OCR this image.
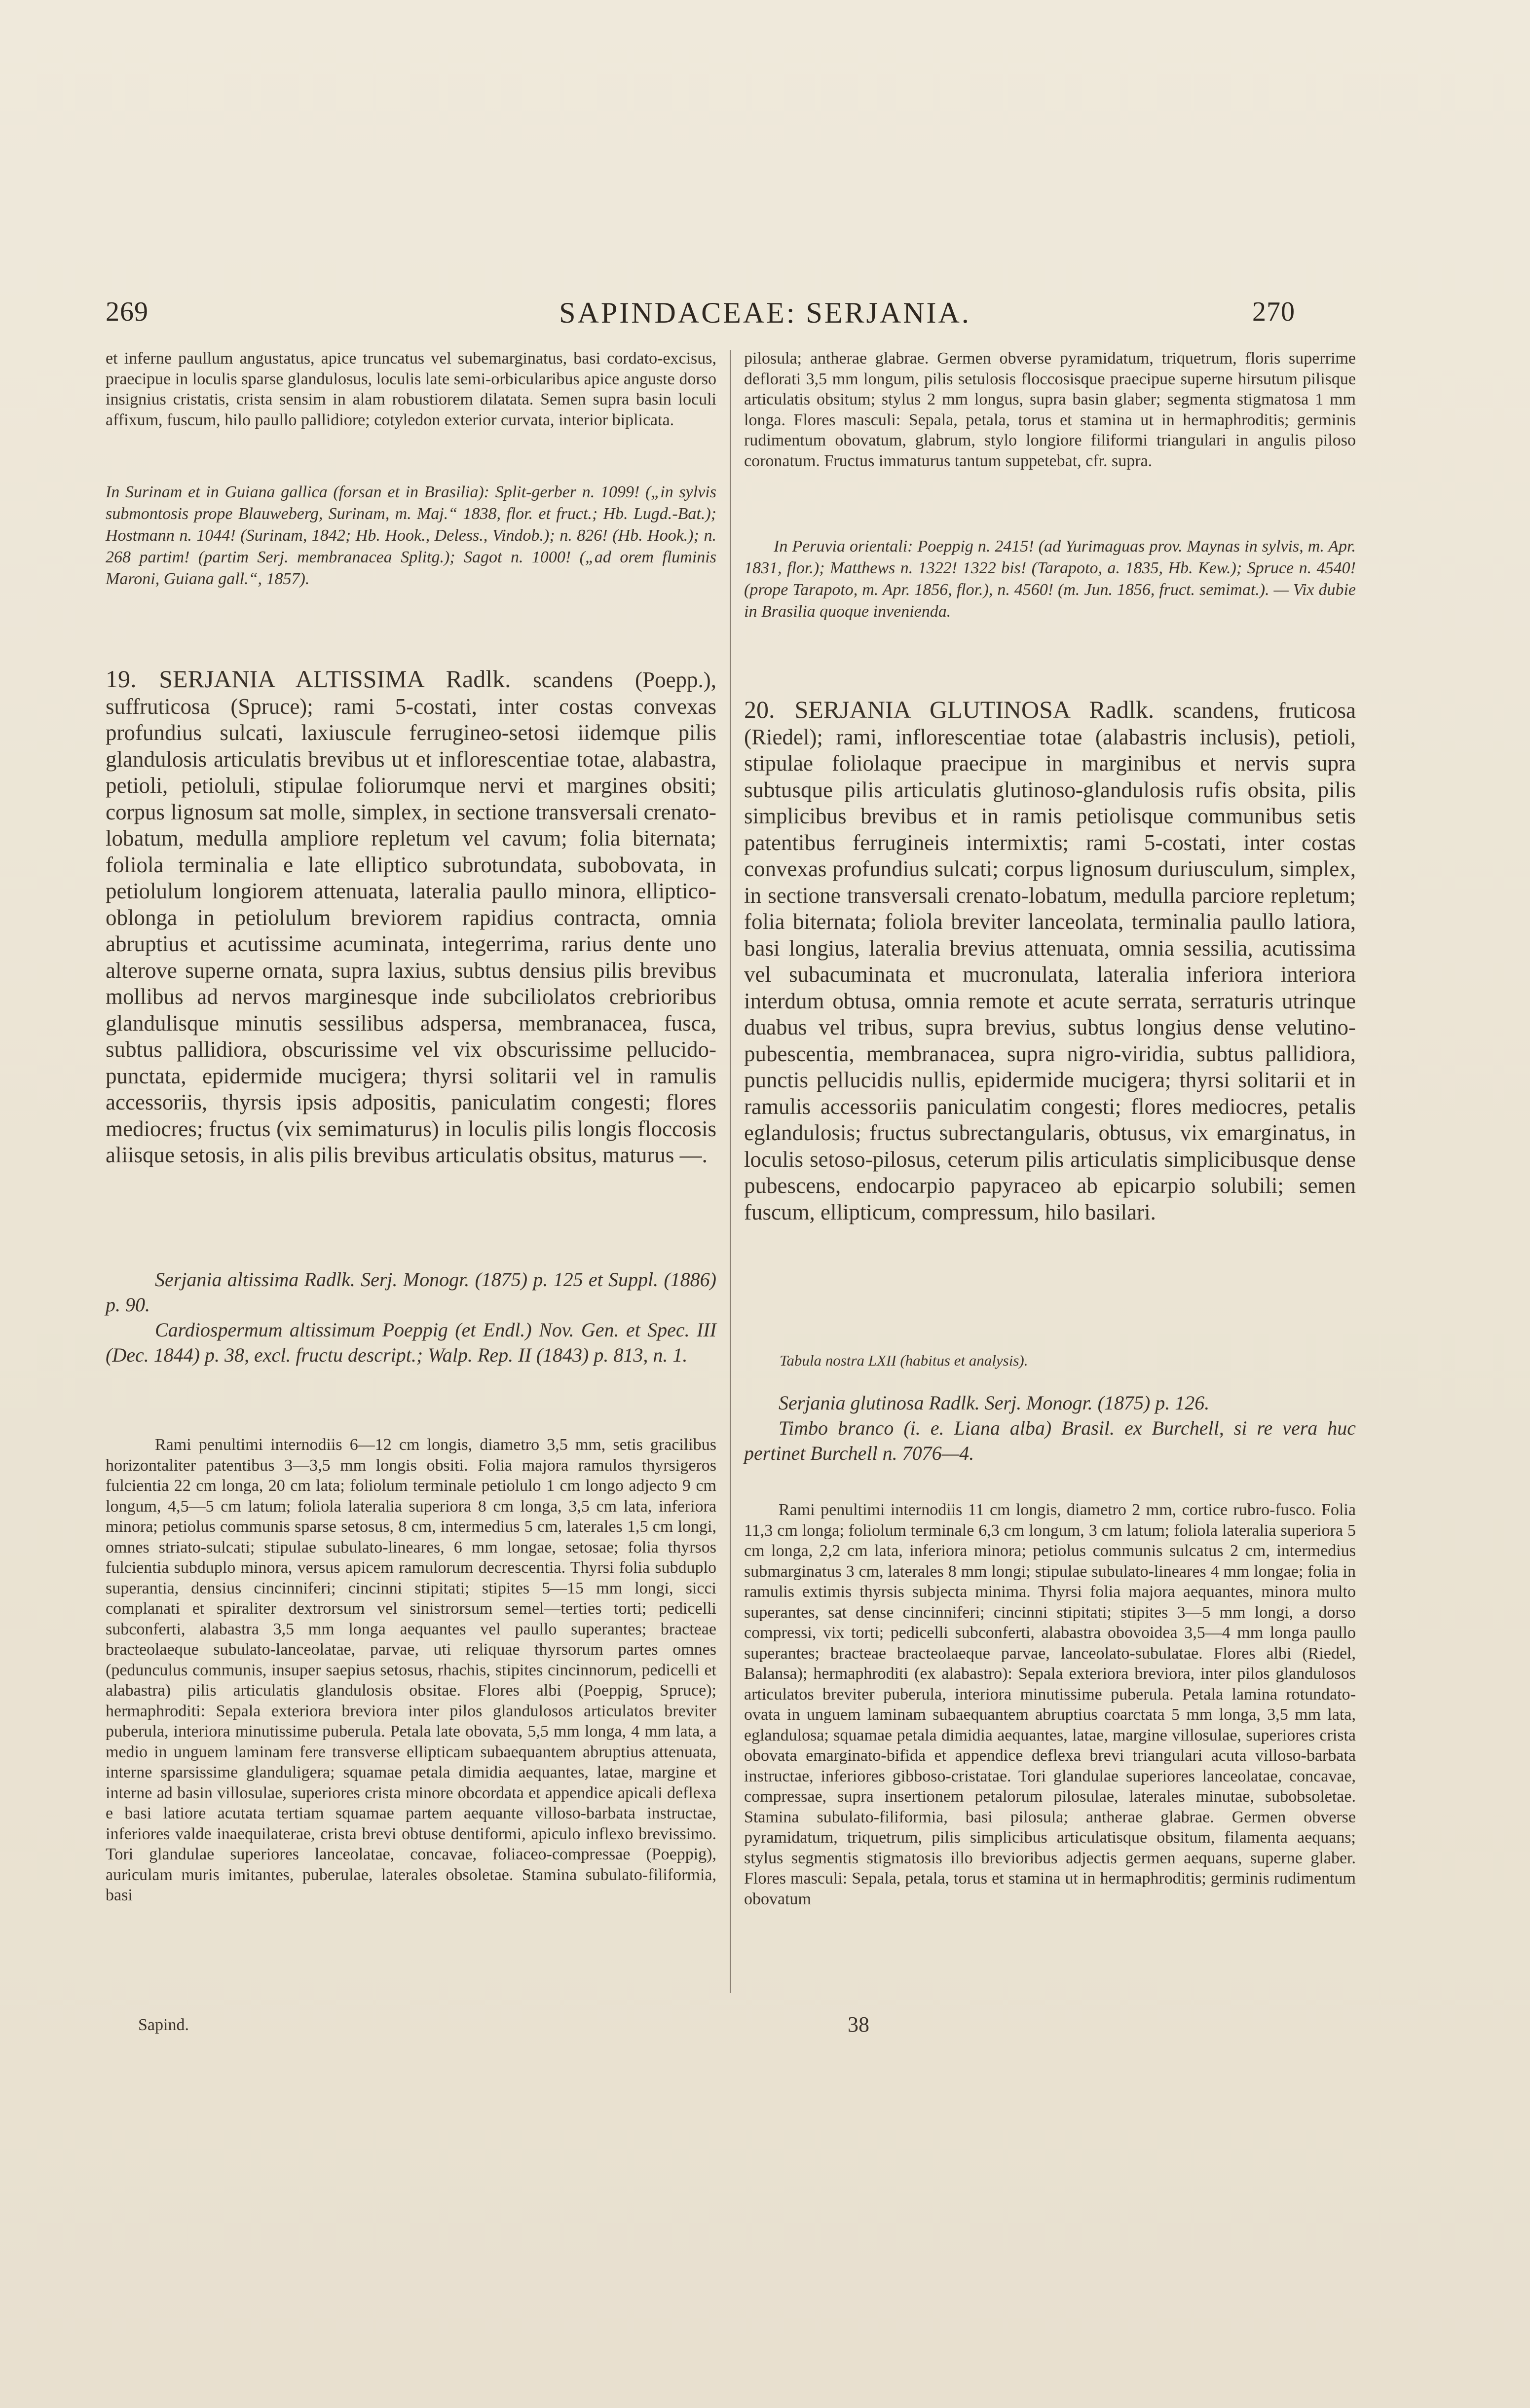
269	SAPINDACEAE: SERJANIA.	270

et inferne paullum angustatus, apice truncatus vel subemarginatus, basi cordato-excisus, praecipue in loculis sparse glandulosus, loculis late semi-orbicularibus apice anguste dorso insignius cristatis, crista sensim in alam robustiorem dilatata. Semen supra basin loculi affixum, fuscum, hilo paullo pallidiore; cotyledon exterior curvata, interior biplicata.

In Surinam et in Guiana gallica (forsan et in Brasilia): Split-gerber n. 1099! („in sylvis submontosis prope Blauweberg, Surinam, m. Maj.“ 1838, flor. et fruct.; Hb. Lugd.-Bat.); Hostmann n. 1044! (Surinam, 1842; Hb. Hook., Deless., Vindob.); n. 826! (Hb. Hook.); n. 268 partim! (partim Serj. membranacea Splitg.); Sagot n. 1000! („ad orem fluminis Maroni, Guiana gall.“, 1857).

19. SERJANIA ALTISSIMA Radlk. scandens (Poepp.), suffruticosa (Spruce); rami 5-costati, inter costas convexas profundius sulcati, laxiuscule ferrugineo-setosi iidemque pilis glandulosis articulatis brevibus ut et inflorescentiae totae, alabastra, petioli, petioluli, stipulae foliorumque nervi et margines obsiti; corpus lignosum sat molle, simplex, in sectione transversali crenato-lobatum, medulla ampliore repletum vel cavum; folia biternata; foliola terminalia e late elliptico subrotundata, subobovata, in petiolulum longiorem attenuata, lateralia paullo minora, elliptico-oblonga in petiolulum breviorem rapidius contracta, omnia abruptius et acutissime acuminata, integerrima, rarius dente uno alterove superne ornata, supra laxius, subtus densius pilis brevibus mollibus ad nervos marginesque inde subciliolatos crebrioribus glandulisque minutis sessilibus adspersa, membranacea, fusca, subtus pallidiora, obscurissime vel vix obscurissime pellucido-punctata, epidermide mucigera; thyrsi solitarii vel in ramulis accessoriis, thyrsis ipsis adpositis, paniculatim congesti; flores mediocres; fructus (vix semimaturus) in loculis pilis longis floccosis aliisque setosis, in alis pilis brevibus articulatis obsitus, maturus —.

Serjania altissima Radlk. Serj. Monogr. (1875) p. 125 et Suppl. (1886) p. 90.

Cardiospermum altissimum Poeppig (et Endl.) Nov. Gen. et Spec. III (Dec. 1844) p. 38, excl. fructu descript.; Walp. Rep. II (1843) p. 813, n. 1.

Rami penultimi internodiis 6—12 cm longis, diametro 3,5 mm, setis gracilibus horizontaliter patentibus 3—3,5 mm longis obsiti. Folia majora ramulos thyrsigeros fulcientia 22 cm longa, 20 cm lata; foliolum terminale petiolulo 1 cm longo adjecto 9 cm longum, 4,5—5 cm latum; foliola lateralia superiora 8 cm longa, 3,5 cm lata, inferiora minora; petiolus communis sparse setosus, 8 cm, intermedius 5 cm, laterales 1,5 cm longi, omnes striato-sulcati; stipulae subulato-lineares, 6 mm longae, setosae; folia thyrsos fulcientia subduplo minora, versus apicem ramulorum decrescentia. Thyrsi folia subduplo superantia, densius cincinniferi; cincinni stipitati; stipites 5—15 mm longi, sicci complanati et spiraliter dextrorsum vel sinistrorsum semel—terties torti; pedicelli subconferti, alabastra 3,5 mm longa aequantes vel paullo superantes; bracteae bracteolaeque subulato-lanceolatae, parvae, uti reliquae thyrsorum partes omnes (pedunculus communis, insuper saepius setosus, rhachis, stipites cincinnorum, pedicelli et alabastra) pilis articulatis glandulosis obsitae. Flores albi (Poeppig, Spruce); hermaphroditi: Sepala exteriora breviora inter pilos glandulosos articulatos breviter puberula, interiora minutissime puberula. Petala late obovata, 5,5 mm longa, 4 mm lata, a medio in unguem laminam fere transverse ellipticam subaequantem abruptius attenuata, interne sparsissime glanduligera; squamae petala dimidia aequantes, latae, margine et interne ad basin villosulae, superiores crista minore obcordata et appendice apicali deflexa e basi latiore acutata tertiam squamae partem aequante villoso-barbata instructae, inferiores valde inaequilaterae, crista brevi obtuse dentiformi, apiculo inflexo brevissimo. Tori glandulae superiores lanceolatae, concavae, foliaceo-compressae (Poeppig), auriculam muris imitantes, puberulae, laterales obsoletae. Stamina subulato-filiformia, basi

Sapind.

pilosula; antherae glabrae. Germen obverse pyramidatum, triquetrum, floris superrime deflorati 3,5 mm longum, pilis setulosis floccosisque praecipue superne hirsutum pilisque articulatis obsitum; stylus 2 mm longus, supra basin glaber; segmenta stigmatosa 1 mm longa. Flores masculi: Sepala, petala, torus et stamina ut in hermaphroditis; germinis rudimentum obovatum, glabrum, stylo longiore filiformi triangulari in angulis piloso coronatum. Fructus immaturus tantum suppetebat, cfr. supra.

In Peruvia orientali: Poeppig n. 2415! (ad Yurimaguas prov. Maynas in sylvis, m. Apr. 1831, flor.); Matthews n. 1322! 1322 bis! (Tarapoto, a. 1835, Hb. Kew.); Spruce n. 4540! (prope Tarapoto, m. Apr. 1856, flor.), n. 4560! (m. Jun. 1856, fruct. semimat.). — Vix dubie in Brasilia quoque invenienda.

20. SERJANIA GLUTINOSA Radlk. scandens, fruticosa (Riedel); rami, inflorescentiae totae (alabastris inclusis), petioli, stipulae foliolaque praecipue in marginibus et nervis supra subtusque pilis articulatis glutinoso-glandulosis rufis obsita, pilis simplicibus brevibus et in ramis petiolisque communibus setis patentibus ferrugineis intermixtis; rami 5-costati, inter costas convexas profundius sulcati; corpus lignosum duriusculum, simplex, in sectione transversali crenato-lobatum, medulla parciore repletum; folia biternata; foliola breviter lanceolata, terminalia paullo latiora, basi longius, lateralia brevius attenuata, omnia sessilia, acutissima vel subacuminata et mucronulata, lateralia inferiora interiora interdum obtusa, omnia remote et acute serrata, serraturis utrinque duabus vel tribus, supra brevius, subtus longius dense velutino-pubescentia, membranacea, supra nigro-viridia, subtus pallidiora, punctis pellucidis nullis, epidermide mucigera; thyrsi solitarii et in ramulis accessoriis paniculatim congesti; flores mediocres, petalis eglandulosis; fructus subrectangularis, obtusus, vix emarginatus, in loculis setoso-pilosus, ceterum pilis articulatis simplicibusque dense pubescens, endocarpio papyraceo ab epicarpio solubili; semen fuscum, ellipticum, compressum, hilo basilari.

Tabula nostra LXII (habitus et analysis).

Serjania glutinosa Radlk. Serj. Monogr. (1875) p. 126.

Timbo branco (i. e. Liana alba) Brasil. ex Burchell, si re vera huc pertinet Burchell n. 7076—4.

Rami penultimi internodiis 11 cm longis, diametro 2 mm, cortice rubro-fusco. Folia 11,3 cm longa; foliolum terminale 6,3 cm longum, 3 cm latum; foliola lateralia superiora 5 cm longa, 2,2 cm lata, inferiora minora; petiolus communis sulcatus 2 cm, intermedius submarginatus 3 cm, laterales 8 mm longi; stipulae subulato-lineares 4 mm longae; folia in ramulis extimis thyrsis subjecta minima. Thyrsi folia majora aequantes, minora multo superantes, sat dense cincinniferi; cincinni stipitati; stipites 3—5 mm longi, a dorso compressi, vix torti; pedicelli subconferti, alabastra obovoidea 3,5—4 mm longa paullo superantes; bracteae bracteolaeque parvae, lanceolato-subulatae. Flores albi (Riedel, Balansa); hermaphroditi (ex alabastro): Sepala exteriora breviora, inter pilos glandulosos articulatos breviter puberula, interiora minutissime puberula. Petala lamina rotundato-ovata in unguem laminam subaequantem abruptius coarctata 5 mm longa, 3,5 mm lata, eglandulosa; squamae petala dimidia aequantes, latae, margine villosulae, superiores crista obovata emarginato-bifida et appendice deflexa brevi triangulari acuta villoso-barbata instructae, inferiores gibboso-cristatae. Tori glandulae superiores lanceolatae, concavae, compressae, supra insertionem petalorum pilosulae, laterales minutae, subobsoletae. Stamina subulato-filiformia, basi pilosula; antherae glabrae. Germen obverse pyramidatum, triquetrum, pilis simplicibus articulatisque obsitum, filamenta aequans; stylus segmentis stigmatosis illo brevioribus adjectis germen aequans, superne glaber. Flores masculi: Sepala, petala, torus et stamina ut in hermaphroditis; germinis rudimentum obovatum

38
